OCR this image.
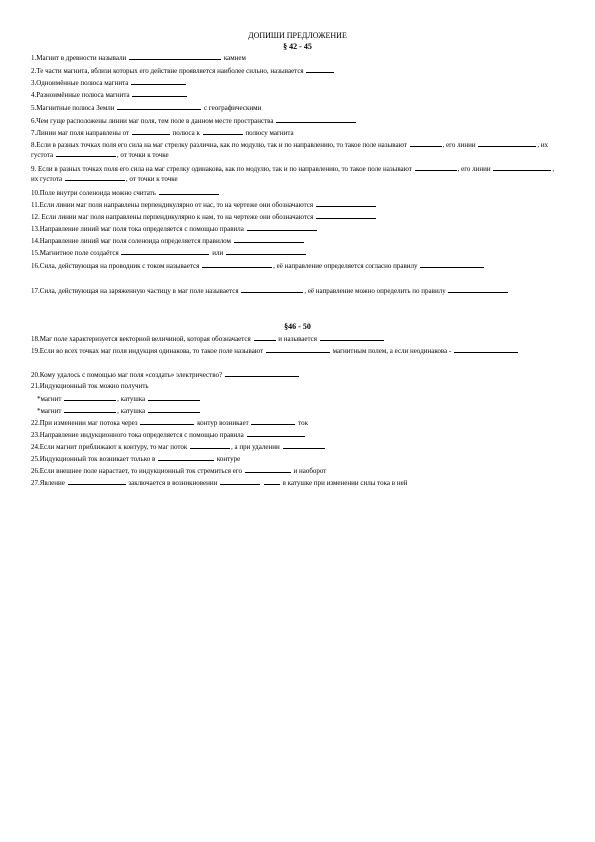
ДОПИШИ ПРЕДЛОЖЕНИЕ
§ 42 - 45
1.Магнит в древности называли	камнем
2.Те части магнита, вблизи которых его действие проявляется наиболее сильно, называется
3.Одноимённые полюса магнита
4.Разноимённые полюса магнита
5.Магнитные полюса Земли	с географическими
6.Чем гуще расположены линии маг поля, тем поле в данном месте пространства
7.Линии маг поля направлены от	полюса к	полюсу магнита
8.Если в разных точках поля его сила на маг стрелку различна, как по модулю, так и по направлению, то такое поле называют	, его линии	, их густота	, от точки к точке
9. Если в разных точках поля его сила на маг стрелку одинакова, как по модулю, так и по направлению, то такое поле называют	, его линии	, их густота	, от точки к точке
10.Поле внутри соленоида можно считать
11.Если линии маг поля направлены перпендикулярно от нас, то на чертеже они обозначаются
12. Если линии маг поля направлены перпендикулярно к нам, то на чертеже они обозначаются
13.Направление линий маг поля тока определяется с помощью правила
14.Направление линий маг поля соленоида определяется правилом
15.Магнитное поле создаётся	или
16.Сила, действующая на проводник с током называется	, её направление определяется согласно правилу
17.Сила, действующая на заряженную частицу в маг поле называется	, её направление можно определить по правилу
§46 - 50
18.Маг поле характеризуется векторной величиной, которая обозначается	и называется
19.Если во всех точках маг поля индукция одинакова, то такое поле называют	магнитным полем, а если неодинакова -
20.Кому удалось с помощью маг поля «создать» электричество?
21.Индукционный ток можно получить
*магнит	, катушка
*магнит	, катушка
22.При изменении маг потока через	контур возникает	ток
23.Направление индукционного тока определяется с помощью правила
24.Если магнит приближают к контуру, то маг поток	, а при удалении
25.Индукционный ток возникает только в	контуре
26.Если внешнее поле нарастает, то индукционный ток стремиться его	и наоборот
27.Явление	заключается в возникновении	в катушке при изменении силы тока в ней
